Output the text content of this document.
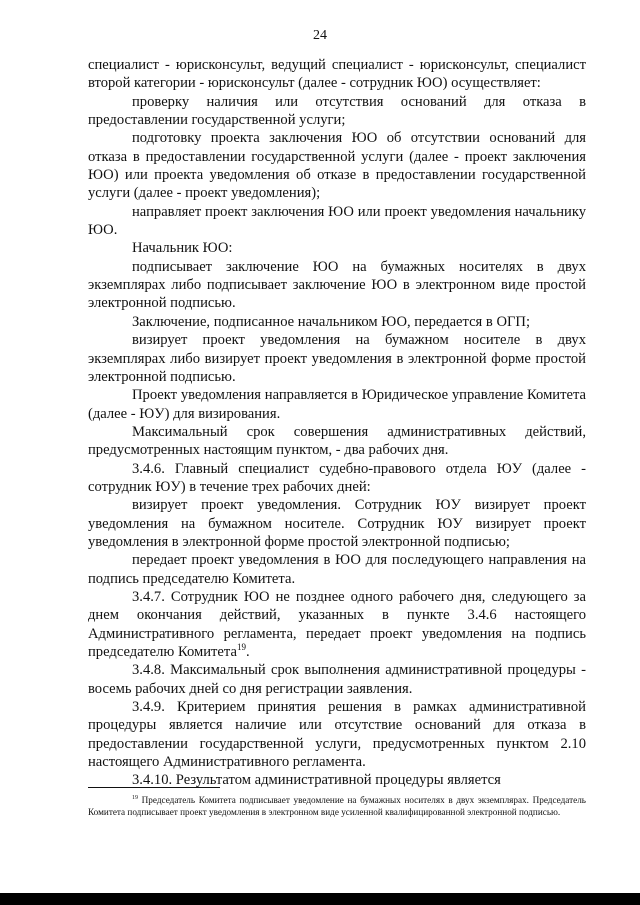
24

специалист - юрисконсульт, ведущий специалист - юрисконсульт, специалист второй категории - юрисконсульт (далее - сотрудник ЮО) осуществляет:

проверку наличия или отсутствия оснований для отказа в предоставлении государственной услуги;

подготовку проекта заключения ЮО об отсутствии оснований для отказа в предоставлении государственной услуги (далее - проект заключения ЮО) или проекта уведомления об отказе в предоставлении государственной услуги (далее - проект уведомления);

направляет проект заключения ЮО или проект уведомления начальнику ЮО.

Начальник ЮО:

подписывает заключение ЮО на бумажных носителях в двух экземплярах либо подписывает заключение ЮО в электронном виде простой электронной подписью.

Заключение, подписанное начальником ЮО, передается в ОГП;

визирует проект уведомления на бумажном носителе в двух экземплярах либо визирует проект уведомления в электронной форме простой электронной подписью.

Проект уведомления направляется в Юридическое управление Комитета (далее - ЮУ) для визирования.

Максимальный срок совершения административных действий, предусмотренных настоящим пунктом, - два рабочих дня.

3.4.6. Главный специалист судебно-правового отдела ЮУ (далее - сотрудник ЮУ) в течение трех рабочих дней:

визирует проект уведомления. Сотрудник ЮУ визирует проект уведомления на бумажном носителе. Сотрудник ЮУ визирует проект уведомления в электронной форме простой электронной подписью;

передает проект уведомления в ЮО для последующего направления на подпись председателю Комитета.

3.4.7. Сотрудник ЮО не позднее одного рабочего дня, следующего за днем окончания действий, указанных в пункте 3.4.6 настоящего Административного регламента, передает проект уведомления на подпись председателю Комитета$^{19}$.

3.4.8. Максимальный срок выполнения административной процедуры - восемь рабочих дней со дня регистрации заявления.

3.4.9. Критерием принятия решения в рамках административной процедуры является наличие или отсутствие оснований для отказа в предоставлении государственной услуги, предусмотренных пунктом 2.10 настоящего Административного регламента.

3.4.10. Результатом административной процедуры является

$^{19}$ Председатель Комитета подписывает уведомление на бумажных носителях в двух экземплярах. Председатель Комитета подписывает проект уведомления в электронном виде усиленной квалифицированной электронной подписью.
